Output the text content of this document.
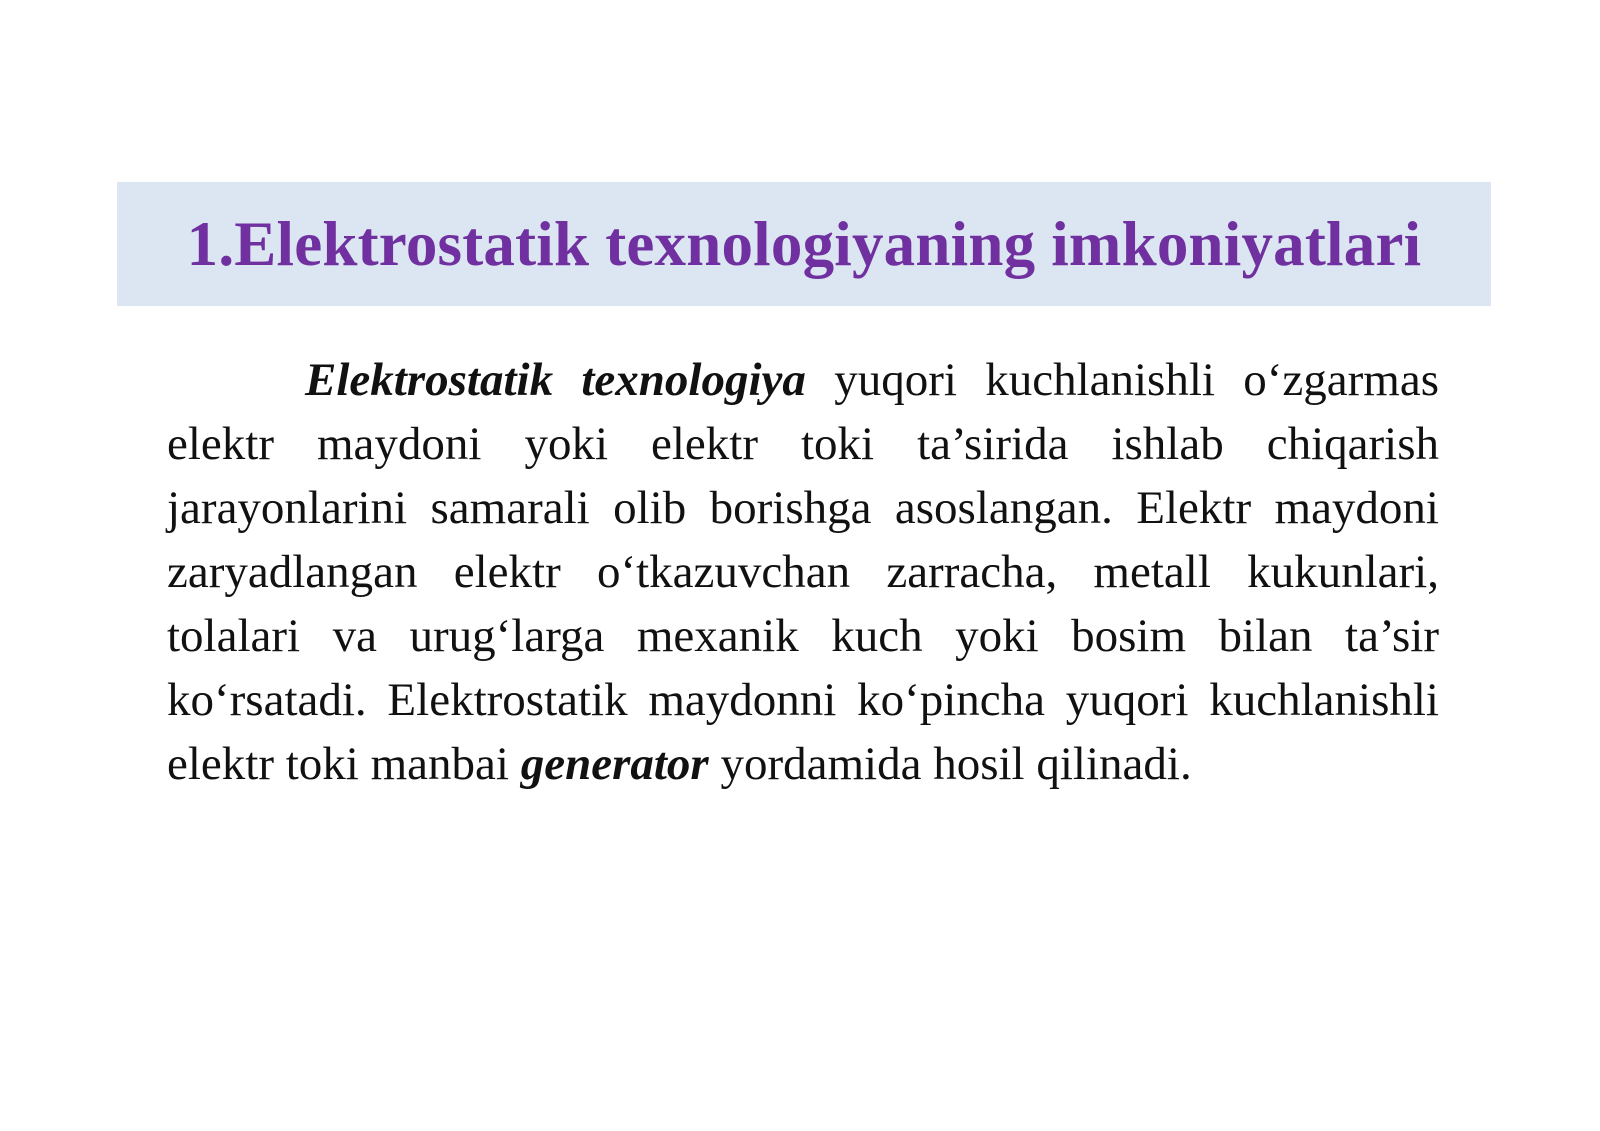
1.Elektrostatik texnologiyaning imkoniyatlari

Elektrostatik texnologiya yuqori kuchlanishli o‘zgarmas elektr maydoni yoki elektr toki ta’sirida ishlab chiqarish jarayonlarini samarali olib borishga asoslangan. Elektr maydoni zaryadlangan elektr o‘tkazuvchan zarracha, metall kukunlari, tolalari va urug‘larga mexanik kuch yoki bosim bilan ta’sir ko‘rsatadi. Elektrostatik maydonni ko‘pincha yuqori kuchlanishli elektr toki manbai generator yordamida hosil qilinadi.
